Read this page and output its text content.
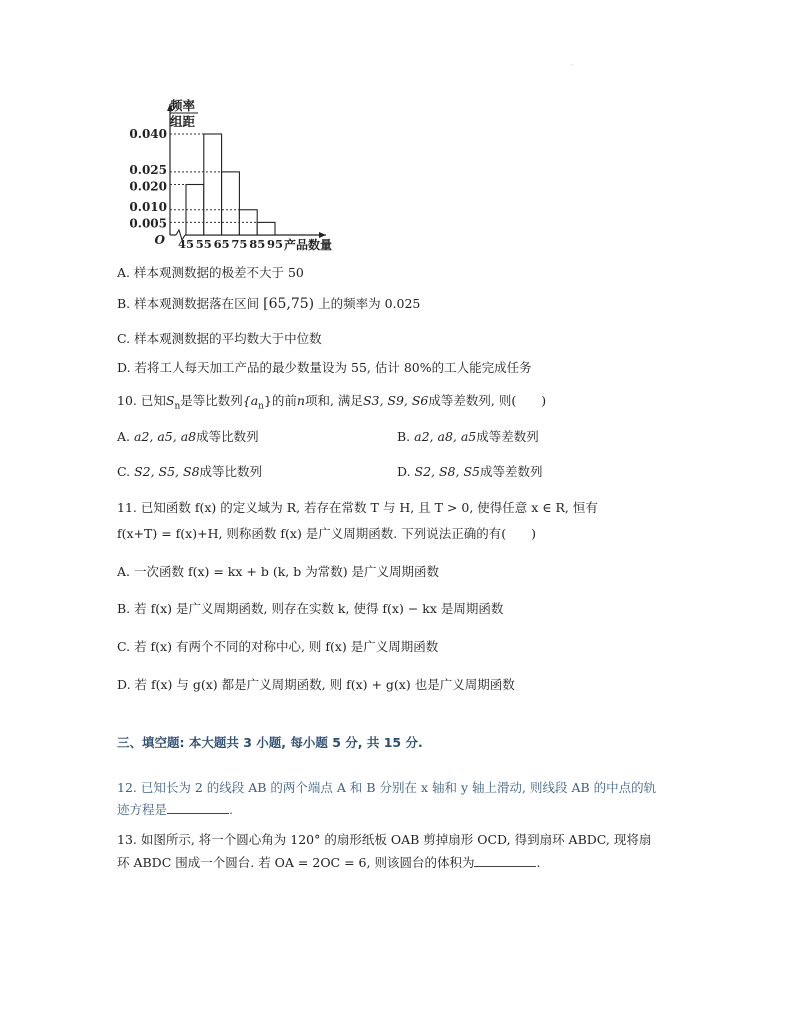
·
0.040
0.025
0.020
0.010
0.005
频率
组距
O 45 55 65 75 85 95 产品数量
A. 样本观测数据的极差不大于 50
B. 样本观测数据落在区间 [65,75) 上的频率为 0.025
C. 样本观测数据的平均数大于中位数
D. 若将工人每天加工产品的最少数量设为 55, 估计 80%的工人能完成任务
10. 已知$S_n$是等比数列$\{a_n\}$的前n项和, 满足S3, S9, S6成等差数列, 则(　　)
A. a2, a5, a8成等比数列	B. a2, a8, a5成等差数列
C. S2, S5, S8成等比数列	D. S2, S8, S5成等差数列
11. 已知函数 f(x) 的定义域为 R, 若存在常数 T 与 H, 且 T > 0, 使得任意 x ∈ R, 恒有
f(x+T) = f(x)+H, 则称函数 f(x) 是广义周期函数. 下列说法正确的有(　　)
A. 一次函数 f(x) = kx + b (k, b 为常数) 是广义周期函数
B. 若 f(x) 是广义周期函数, 则存在实数 k, 使得 f(x) − kx 是周期函数
C. 若 f(x) 有两个不同的对称中心, 则 f(x) 是广义周期函数
D. 若 f(x) 与 g(x) 都是广义周期函数, 则 f(x) + g(x) 也是广义周期函数
三、填空题: 本大题共 3 小题, 每小题 5 分, 共 15 分.
12. 已知长为 2 的线段 AB 的两个端点 A 和 B 分别在 x 轴和 y 轴上滑动, 则线段 AB 的中点的轨
迹方程是	.
13. 如图所示, 将一个圆心角为 120° 的扇形纸板 OAB 剪掉扇形 OCD, 得到扇环 ABDC, 现将扇
环 ABDC 围成一个圆台. 若 OA = 2OC = 6, 则该圆台的体积为	.
